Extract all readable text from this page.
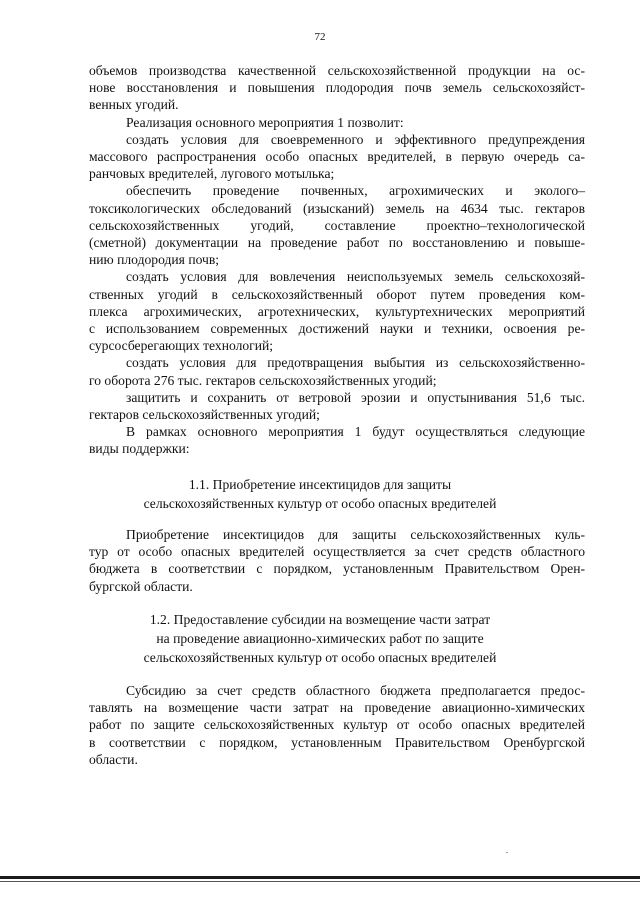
72
объемов производства качественной сельскохозяйственной продукции на ос-
нове восстановления и повышения плодородия почв земель сельскохозяйст-
венных угодий.
Реализация основного мероприятия 1 позволит:
создать условия для своевременного и эффективного предупреждения
массового распространения особо опасных вредителей, в первую очередь са-
ранчовых вредителей, лугового мотылька;
обеспечить проведение почвенных, агрохимических и эколого–
токсикологических обследований (изысканий) земель на 4634 тыс. гектаров
сельскохозяйственных угодий, составление проектно–технологической
(сметной) документации на проведение работ по восстановлению и повыше-
нию плодородия почв;
создать условия для вовлечения неиспользуемых земель сельскохозяй-
ственных угодий в сельскохозяйственный оборот путем проведения ком-
плекса агрохимических, агротехнических, культуртехнических мероприятий
с использованием современных достижений науки и техники, освоения ре-
сурсосберегающих технологий;
создать условия для предотвращения выбытия из сельскохозяйственно-
го оборота 276 тыс. гектаров сельскохозяйственных угодий;
защитить и сохранить от ветровой эрозии и опустынивания 51,6 тыс.
гектаров сельскохозяйственных угодий;
В рамках основного мероприятия 1 будут осуществляться следующие
виды поддержки:
1.1. Приобретение инсектицидов для защиты
сельскохозяйственных культур от особо опасных вредителей
Приобретение инсектицидов для защиты сельскохозяйственных куль-
тур от особо опасных вредителей осуществляется за счет средств областного
бюджета в соответствии с порядком, установленным Правительством Орен-
бургской области.
1.2. Предоставление субсидии на возмещение части затрат
на проведение авиационно-химических работ по защите
сельскохозяйственных культур от особо опасных вредителей
Субсидию за счет средств областного бюджета предполагается предос-
тавлять на возмещение части затрат на проведение авиационно-химических
работ по защите сельскохозяйственных культур от особо опасных вредителей
в соответствии с порядком, установленным Правительством Оренбургской
области.
